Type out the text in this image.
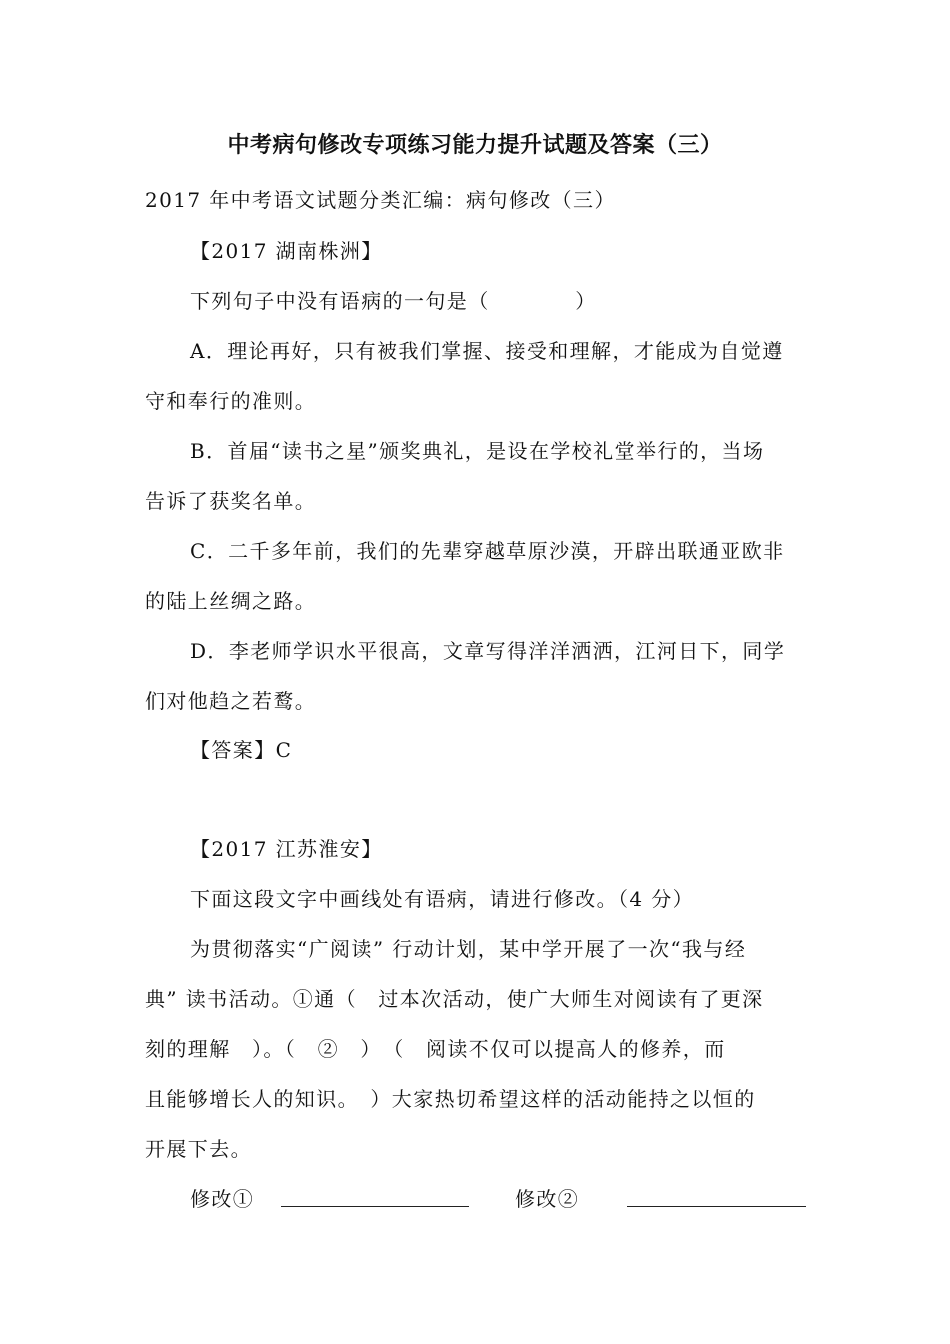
中考病句修改专项练习能力提升试题及答案（三）
2017 年中考语文试题分类汇编：病句修改（三）
【2017 湖南株洲】
下列句子中没有语病的一句是（　　　　）
A．理论再好，只有被我们掌握、接受和理解，才能成为自觉遵
守和奉行的准则。
B．首届“读书之星”颁奖典礼，是设在学校礼堂举行的，当场
告诉了获奖名单。
C．二千多年前，我们的先辈穿越草原沙漠，开辟出联通亚欧非
的陆上丝绸之路。
D．李老师学识水平很高，文章写得洋洋洒洒，江河日下，同学
们对他趋之若鹜。
【答案】C
【2017 江苏淮安】
下面这段文字中画线处有语病，请进行修改。（4 分）
为贯彻落实“广阅读” 行动计划，某中学开展了一次“我与经
典” 读书活动。①通（　过本次活动，使广大师生对阅读有了更深
刻的理解　）。（　②　）　（　阅读不仅可以提高人的修养，而
且能够增长人的知识。　）大家热切希望这样的活动能持之以恒的
开展下去。
修改①	修改②
